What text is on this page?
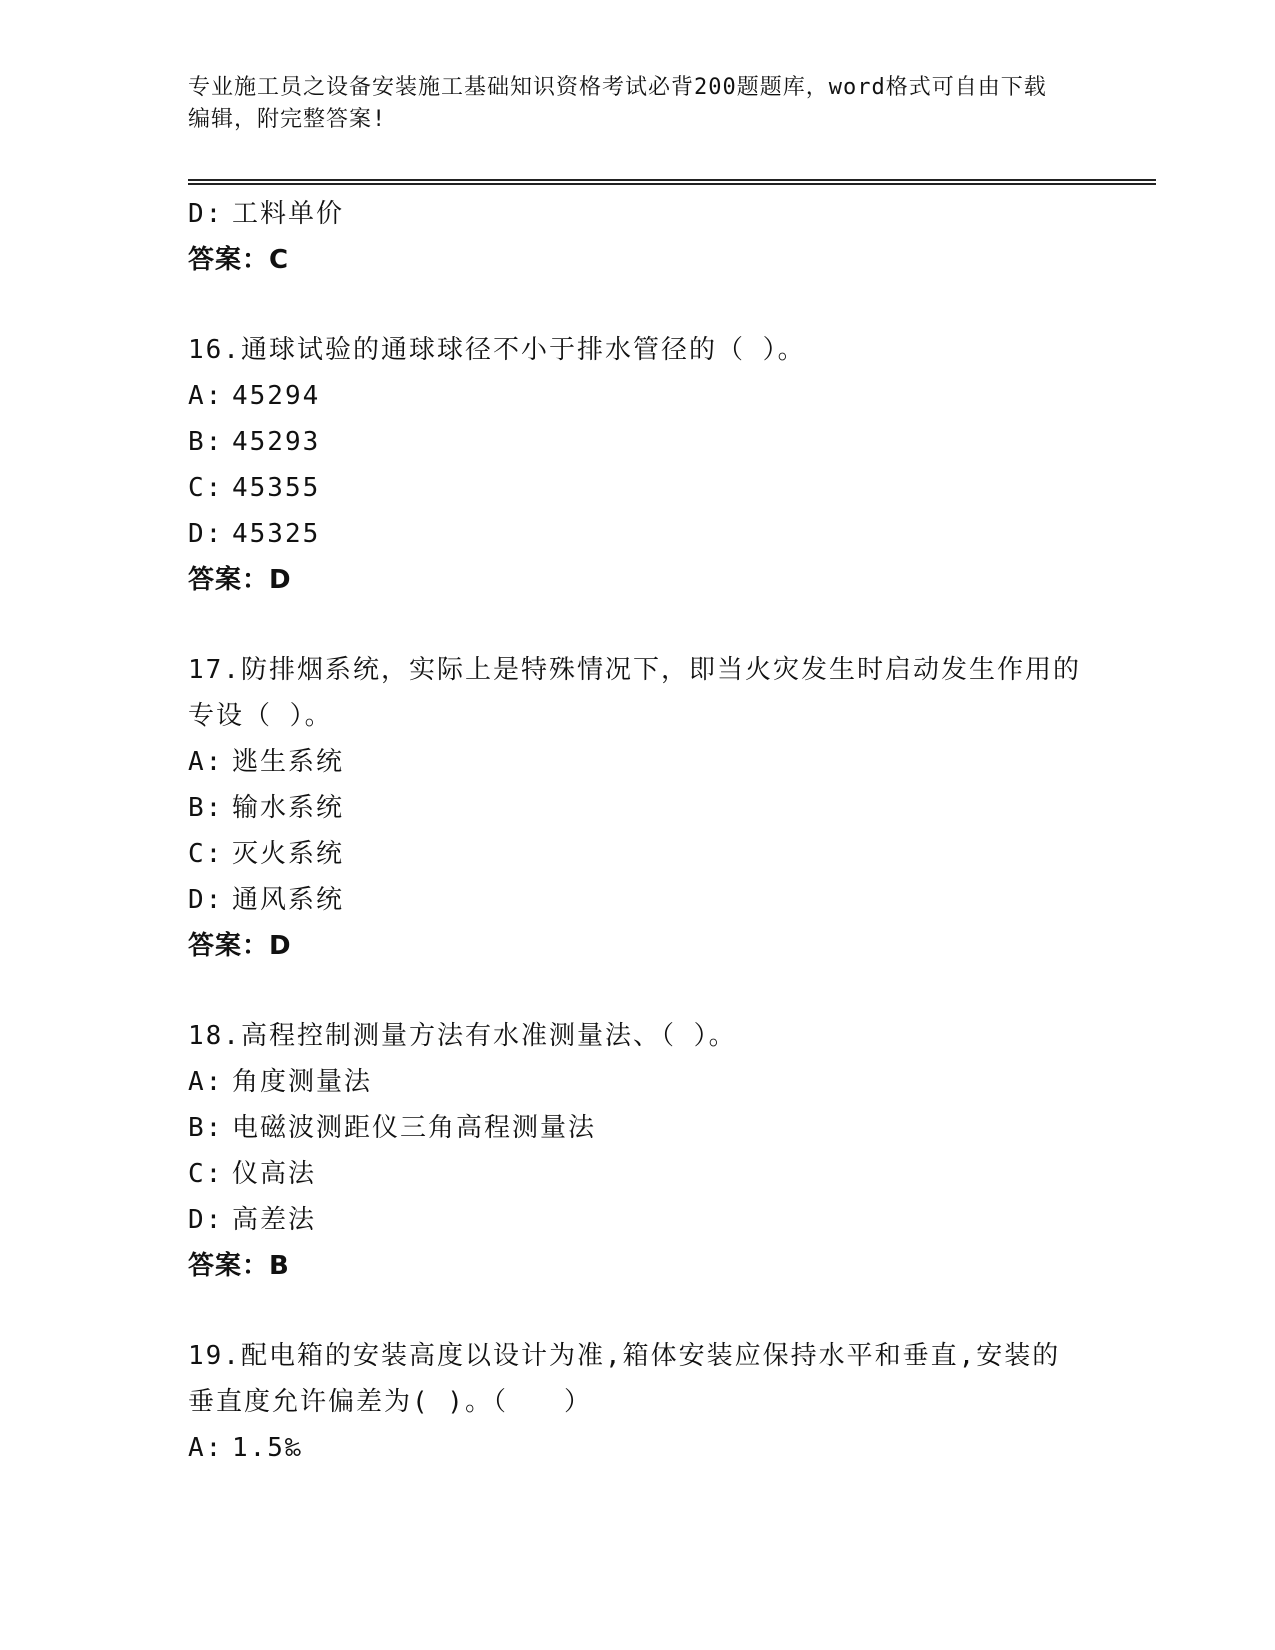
专业施工员之设备安装施工基础知识资格考试必背200题题库，word格式可自由下载编辑，附完整答案!
D: 工料单价
答案：C
16.通球试验的通球球径不小于排水管径的（ ）。
A: 45294
B: 45293
C: 45355
D: 45325
答案：D
17.防排烟系统，实际上是特殊情况下，即当火灾发生时启动发生作用的专设（ ）。
A: 逃生系统
B: 输水系统
C: 灭火系统
D: 通风系统
答案：D
18.高程控制测量方法有水准测量法、（ ）。
A: 角度测量法
B: 电磁波测距仪三角高程测量法
C: 仪高法
D: 高差法
答案：B
19.配电箱的安装高度以设计为准,箱体安装应保持水平和垂直,安装的垂直度允许偏差为( )。（　　）
A: 1.5‰
